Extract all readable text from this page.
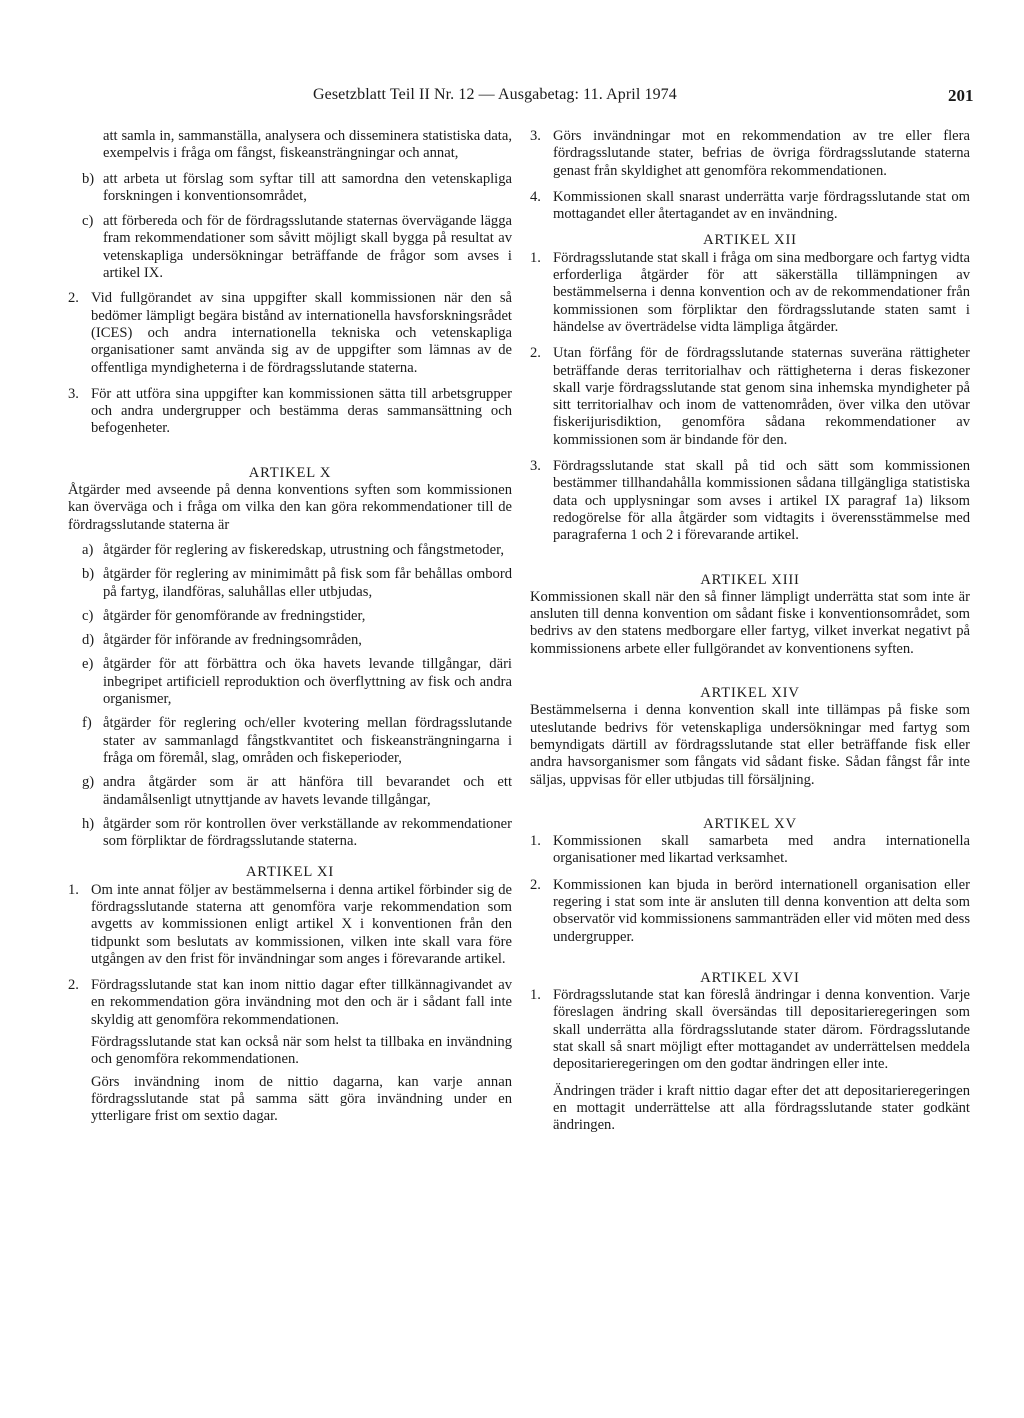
Gesetzblatt Teil II Nr. 12 — Ausgabetag: 11. April 1974	201

att samla in, sammanställa, analysera och disseminera statistiska data, exempelvis i fråga om fångst, fiskeansträngningar och annat,

b) att arbeta ut förslag som syftar till att samordna den vetenskapliga forskningen i konventionsområdet,
c) att förbereda och för de fördragsslutande staternas övervägande lägga fram rekommendationer som såvitt möjligt skall bygga på resultat av vetenskapliga undersökningar beträffande de frågor som avses i artikel IX.
2. Vid fullgörandet av sina uppgifter skall kommissionen när den så bedömer lämpligt begära bistånd av internationella havsforskningsrådet (ICES) och andra internationella tekniska och vetenskapliga organisationer samt använda sig av de uppgifter som lämnas av de offentliga myndigheterna i de fördragsslutande staterna.
3. För att utföra sina uppgifter kan kommissionen sätta till arbetsgrupper och andra undergrupper och bestämma deras sammansättning och befogenheter.

ARTIKEL X

Åtgärder med avseende på denna konventions syften som kommissionen kan överväga och i fråga om vilka den kan göra rekommendationer till de fördragsslutande staterna är

a) åtgärder för reglering av fiskeredskap, utrustning och fångstmetoder,
b) åtgärder för reglering av minimimått på fisk som får behållas ombord på fartyg, ilandföras, saluhållas eller utbjudas,
c) åtgärder för genomförande av fredningstider,
d) åtgärder för införande av fredningsområden,
e) åtgärder för att förbättra och öka havets levande tillgångar, däri inbegripet artificiell reproduktion och överflyttning av fisk och andra organismer,
f) åtgärder för reglering och/eller kvotering mellan fördragsslutande stater av sammanlagd fångstkvantitet och fiskeansträngningarna i fråga om föremål, slag, områden och fiskeperioder,
g) andra åtgärder som är att hänföra till bevarandet och ett ändamålsenligt utnyttjande av havets levande tillgångar,
h) åtgärder som rör kontrollen över verkställande av rekommendationer som förpliktar de fördragsslutande staterna.

ARTIKEL XI

1. Om inte annat följer av bestämmelserna i denna artikel förbinder sig de fördragsslutande staterna att genomföra varje rekommendation som avgetts av kommissionen enligt artikel X i konventionen från den tidpunkt som beslutats av kommissionen, vilken inte skall vara före utgången av den frist för invändningar som anges i förevarande artikel.
2. Fördragsslutande stat kan inom nittio dagar efter tillkännagivandet av en rekommendation göra invändning mot den och är i sådant fall inte skyldig att genomföra rekommendationen.

Fördragsslutande stat kan också när som helst ta tillbaka en invändning och genomföra rekommendationen.

Görs invändning inom de nittio dagarna, kan varje annan fördragsslutande stat på samma sätt göra invändning under en ytterligare frist om sextio dagar.

3. Görs invändningar mot en rekommendation av tre eller flera fördragsslutande stater, befrias de övriga fördragsslutande staterna genast från skyldighet att genomföra rekommendationen.
4. Kommissionen skall snarast underrätta varje fördragsslutande stat om mottagandet eller återtagandet av en invändning.

ARTIKEL XII

1. Fördragsslutande stat skall i fråga om sina medborgare och fartyg vidta erforderliga åtgärder för att säkerställa tillämpningen av bestämmelserna i denna konvention och av de rekommendationer från kommissionen som förpliktar den fördragsslutande staten samt i händelse av överträdelse vidta lämpliga åtgärder.
2. Utan förfång för de fördragsslutande staternas suveräna rättigheter beträffande deras territorialhav och rättigheterna i deras fiskezoner skall varje fördragsslutande stat genom sina inhemska myndigheter på sitt territorialhav och inom de vattenområden, över vilka den utövar fiskerijurisdiktion, genomföra sådana rekommendationer av kommissionen som är bindande för den.
3. Fördragsslutande stat skall på tid och sätt som kommissionen bestämmer tillhandahålla kommissionen sådana tillgängliga statistiska data och upplysningar som avses i artikel IX paragraf 1a) liksom redogörelse för alla åtgärder som vidtagits i överensstämmelse med paragraferna 1 och 2 i förevarande artikel.

ARTIKEL XIII

Kommissionen skall när den så finner lämpligt underrätta stat som inte är ansluten till denna konvention om sådant fiske i konventionsområdet, som bedrivs av den statens medborgare eller fartyg, vilket inverkat negativt på kommissionens arbete eller fullgörandet av konventionens syften.

ARTIKEL XIV

Bestämmelserna i denna konvention skall inte tillämpas på fiske som uteslutande bedrivs för vetenskapliga undersökningar med fartyg som bemyndigats därtill av fördragsslutande stat eller beträffande fisk eller andra havsorganismer som fångats vid sådant fiske. Sådan fångst får inte säljas, uppvisas för eller utbjudas till försäljning.

ARTIKEL XV

1. Kommissionen skall samarbeta med andra internationella organisationer med likartad verksamhet.
2. Kommissionen kan bjuda in berörd internationell organisation eller regering i stat som inte är ansluten till denna konvention att delta som observatör vid kommissionens sammanträden eller vid möten med dess undergrupper.

ARTIKEL XVI

1. Fördragsslutande stat kan föreslå ändringar i denna konvention. Varje föreslagen ändring skall översändas till depositarieregeringen som skall underrätta alla fördragsslutande stater därom. Fördragsslutande stat skall så snart möjligt efter mottagandet av underrättelsen meddela depositarieregeringen om den godtar ändringen eller inte.

Ändringen träder i kraft nittio dagar efter det att depositarieregeringen en mottagit underrättelse att alla fördragsslutande stater godkänt ändringen.
